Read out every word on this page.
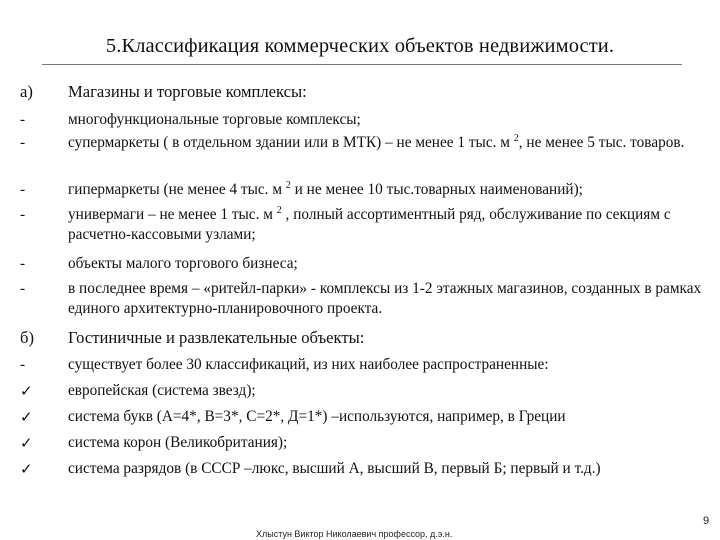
5.Классификация коммерческих объектов недвижимости.
а) Магазины и торговые комплексы:
-	многофункциональные торговые комплексы;
-	супермаркеты ( в отдельном здании или в МТК) – не менее 1 тыс. м $^2$, не менее 5 тыс. товаров.
-	гипермаркеты (не менее 4 тыс. м $^2$ и не менее 10 тыс.товарных наименований);
-	универмаги – не менее 1 тыс. м $^2$ , полный ассортиментный ряд, обслуживание по секциям с расчетно-кассовыми узлами;
-	объекты малого торгового бизнеса;
-	в последнее время – «ритейл-парки» - комплексы из 1-2 этажных магазинов, созданных в рамках единого архитектурно-планировочного проекта.
б) Гостиничные и развлекательные объекты:
-	существует более 30 классификаций, из них наиболее распространенные:
✓	европейская (система звезд);
✓	система букв (А=4*, В=3*, С=2*, Д=1*) –используются, например, в Греции
✓	система корон (Великобритания);
✓	система разрядов (в СССР –люкс, высший А, высший В, первый Б; первый и т.д.)
Хлыстун Виктор Николаевич профессор, д.э.н.
9
